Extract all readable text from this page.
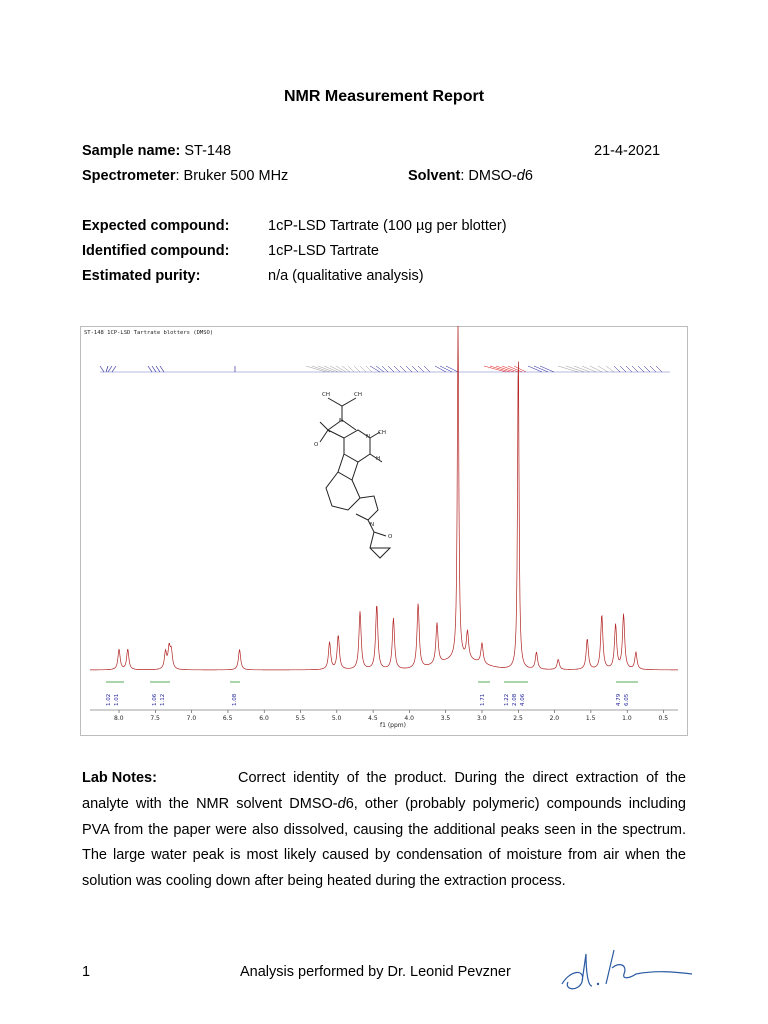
NMR Measurement Report
Sample name: ST-148	21-4-2021
Spectrometer: Bruker 500 MHz	Solvent: DMSO-d6
Expected compound:	1cP-LSD Tartrate (100 µg per blotter)
Identified compound:	1cP-LSD Tartrate
Estimated purity:	n/a (qualitative analysis)
ST-148 1CP-LSD Tartrate blotters (DMSO)
CH	CH
N
O
N
CH
H
N
O
1.02 1.01	1.06 1.12	1.08	1.71	1.22 2.08 4.06	4.79 6.05
8.0	7.5	7.0	6.5	6.0	5.5	5.0	4.5	4.0	3.5	3.0	2.5	2.0	1.5	1.0	0.5
f1 (ppm)
Lab Notes:	Correct identity of the product. During the direct extraction of the analyte with the NMR solvent DMSO-d6, other (probably polymeric) compounds including PVA from the paper were also dissolved, causing the additional peaks seen in the spectrum. The large water peak is most likely caused by condensation of moisture from air when the solution was cooling down after being heated during the extraction process.
1	Analysis performed by Dr. Leonid Pevzner
